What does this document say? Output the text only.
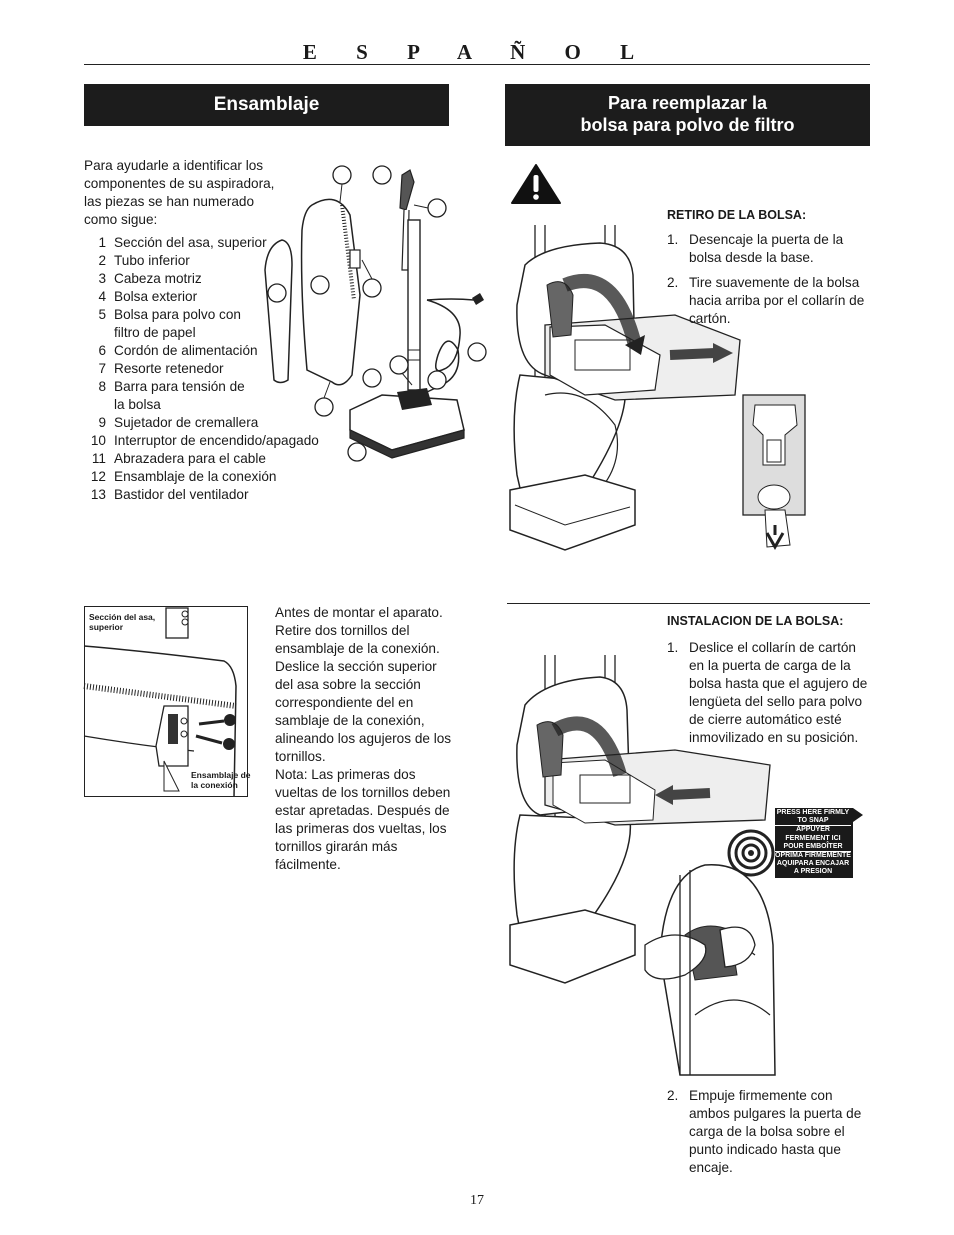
E S P A Ñ O L
Ensamblaje	Para reemplazar la
bolsa para polvo de filtro
Para ayudarle a identificar los componentes de su aspiradora, las piezas se han numerado como sigue:
1 Sección del asa, superior
2 Tubo inferior
3 Cabeza motriz
4 Bolsa exterior
5 Bolsa para polvo con filtro de papel
6 Cordón de alimentación
7 Resorte retenedor
8 Barra para tensión de la bolsa
9 Sujetador de cremallera
10 Interruptor de encendido/apagado
11 Abrazadera para el cable
12 Ensamblaje de la conexión
13 Bastidor del ventilador
Sección del asa, superior
Ensamblaje de la conexión
Antes de montar el aparato. Retire dos tornillos del ensamblaje de la conexión. Deslice la sección superior del asa sobre la sección correspondiente del en samblaje de la conexión, alineando los agujeros de los tornillos.
Nota: Las primeras dos vueltas de los tornillos deben estar apretadas. Después de las primeras dos vueltas, los tornillos girarán más fácilmente.
RETIRO DE LA BOLSA:
1. Desencaje la puerta de la bolsa desde la base.
2. Tire suavemente de la bolsa hacia arriba por el collarín de cartón.
PRESS HERE FIRMLY
TO SNAP
APPUYER
FERMEMENT ICI
POUR EMBOÎTER
OPRIMA FIRMEMENTE
AQUIPARA ENCAJAR
A PRESION
INSTALACION DE LA BOLSA:
1. Deslice el collarín de cartón en la puerta de carga de la bolsa hasta que el agujero de lengüeta del sello para polvo de cierre automático esté inmovilizado en su posición.
2. Empuje firmemente con ambos pulgares la puerta de carga de la bolsa sobre el punto indicado hasta que encaje.
17
